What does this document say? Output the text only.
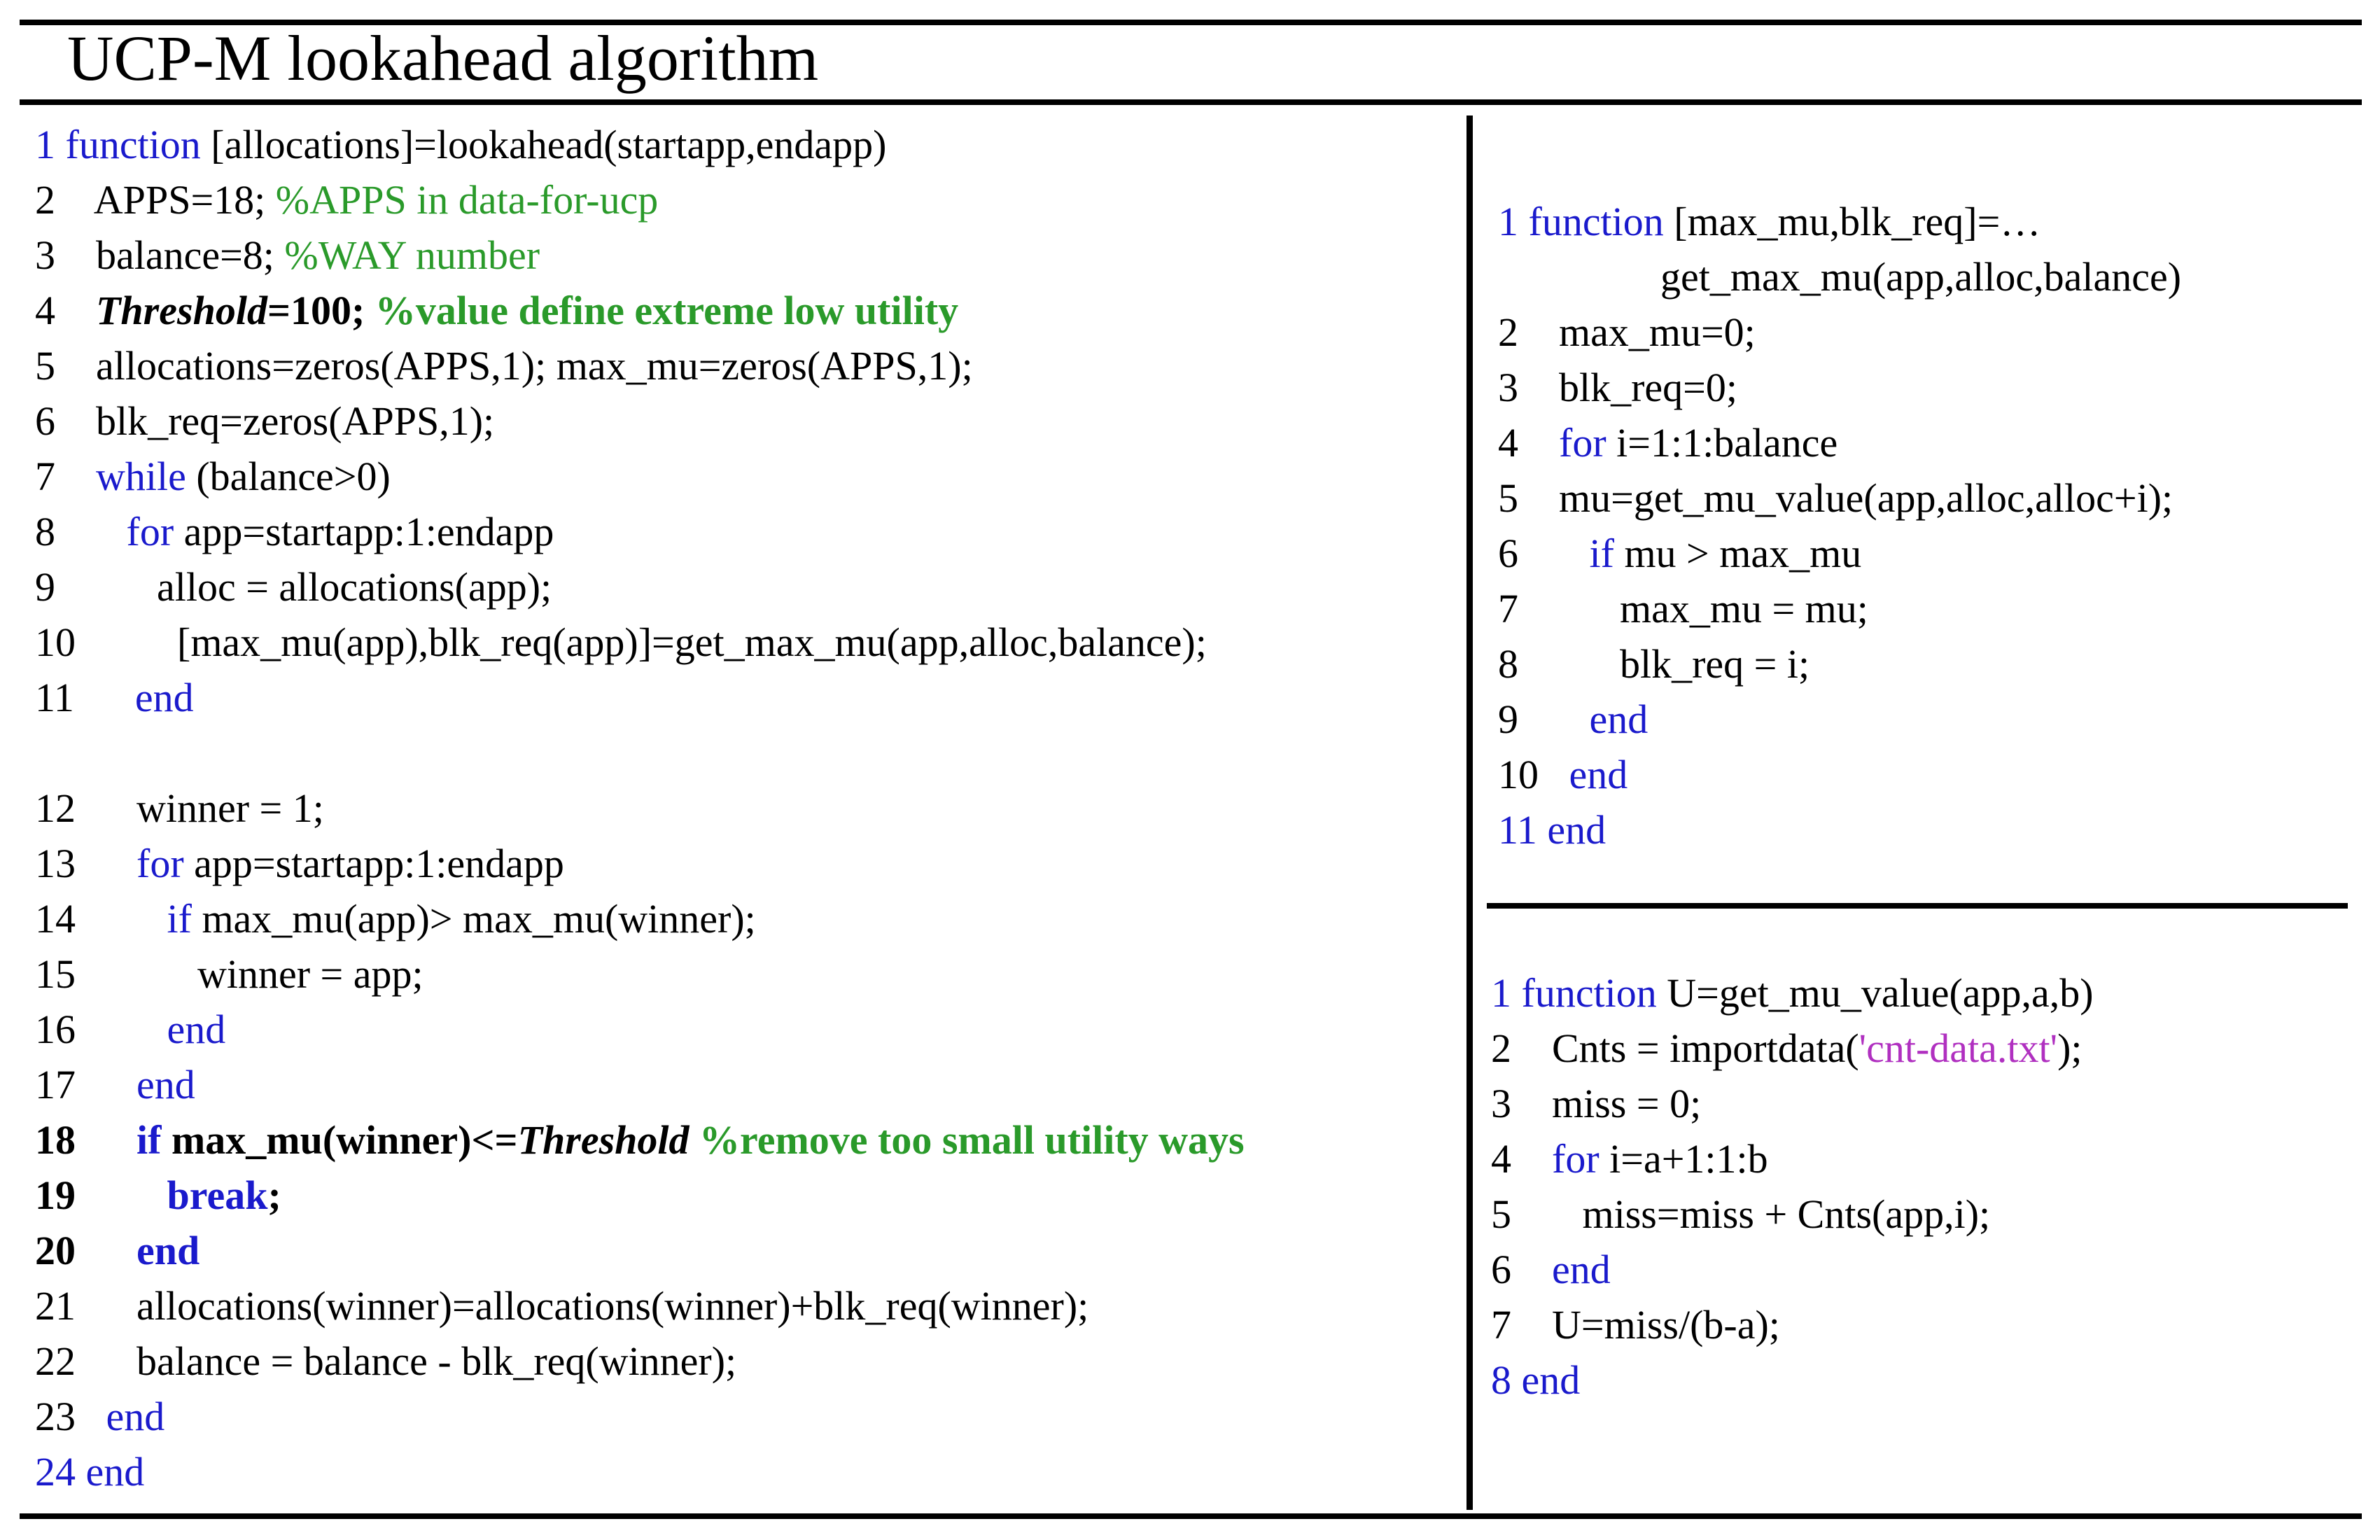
UCP-M lookahead algorithm
1 function [allocations]=lookahead(startapp,endapp)
2    APPS=18; %APPS in data-for-ucp
3    balance=8; %WAY number
4    Threshold=100; %value define extreme low utility
5    allocations=zeros(APPS,1); max_mu=zeros(APPS,1);
6    blk_req=zeros(APPS,1);
7    while (balance>0)
8       for app=startapp:1:endapp
9          alloc = allocations(app);
10          [max_mu(app),blk_req(app)]=get_max_mu(app,alloc,balance);
11      end
12      winner = 1;
13      for app=startapp:1:endapp
14         if max_mu(app)> max_mu(winner);
15            winner = app;
16         end
17      end
18      if max_mu(winner)<=Threshold %remove too small utility ways
19         break;
20      end
21      allocations(winner)=allocations(winner)+blk_req(winner);
22      balance = balance - blk_req(winner);
23   end
24 end
1 function [max_mu,blk_req]=…
get_max_mu(app,alloc,balance)
2    max_mu=0;
3    blk_req=0;
4    for i=1:1:balance
5    mu=get_mu_value(app,alloc,alloc+i);
6       if mu > max_mu
7          max_mu = mu;
8          blk_req = i;
9       end
10   end
11 end
1 function U=get_mu_value(app,a,b)
2    Cnts = importdata('cnt-data.txt');
3    miss = 0;
4    for i=a+1:1:b
5       miss=miss + Cnts(app,i);
6    end
7    U=miss/(b-a);
8 end
